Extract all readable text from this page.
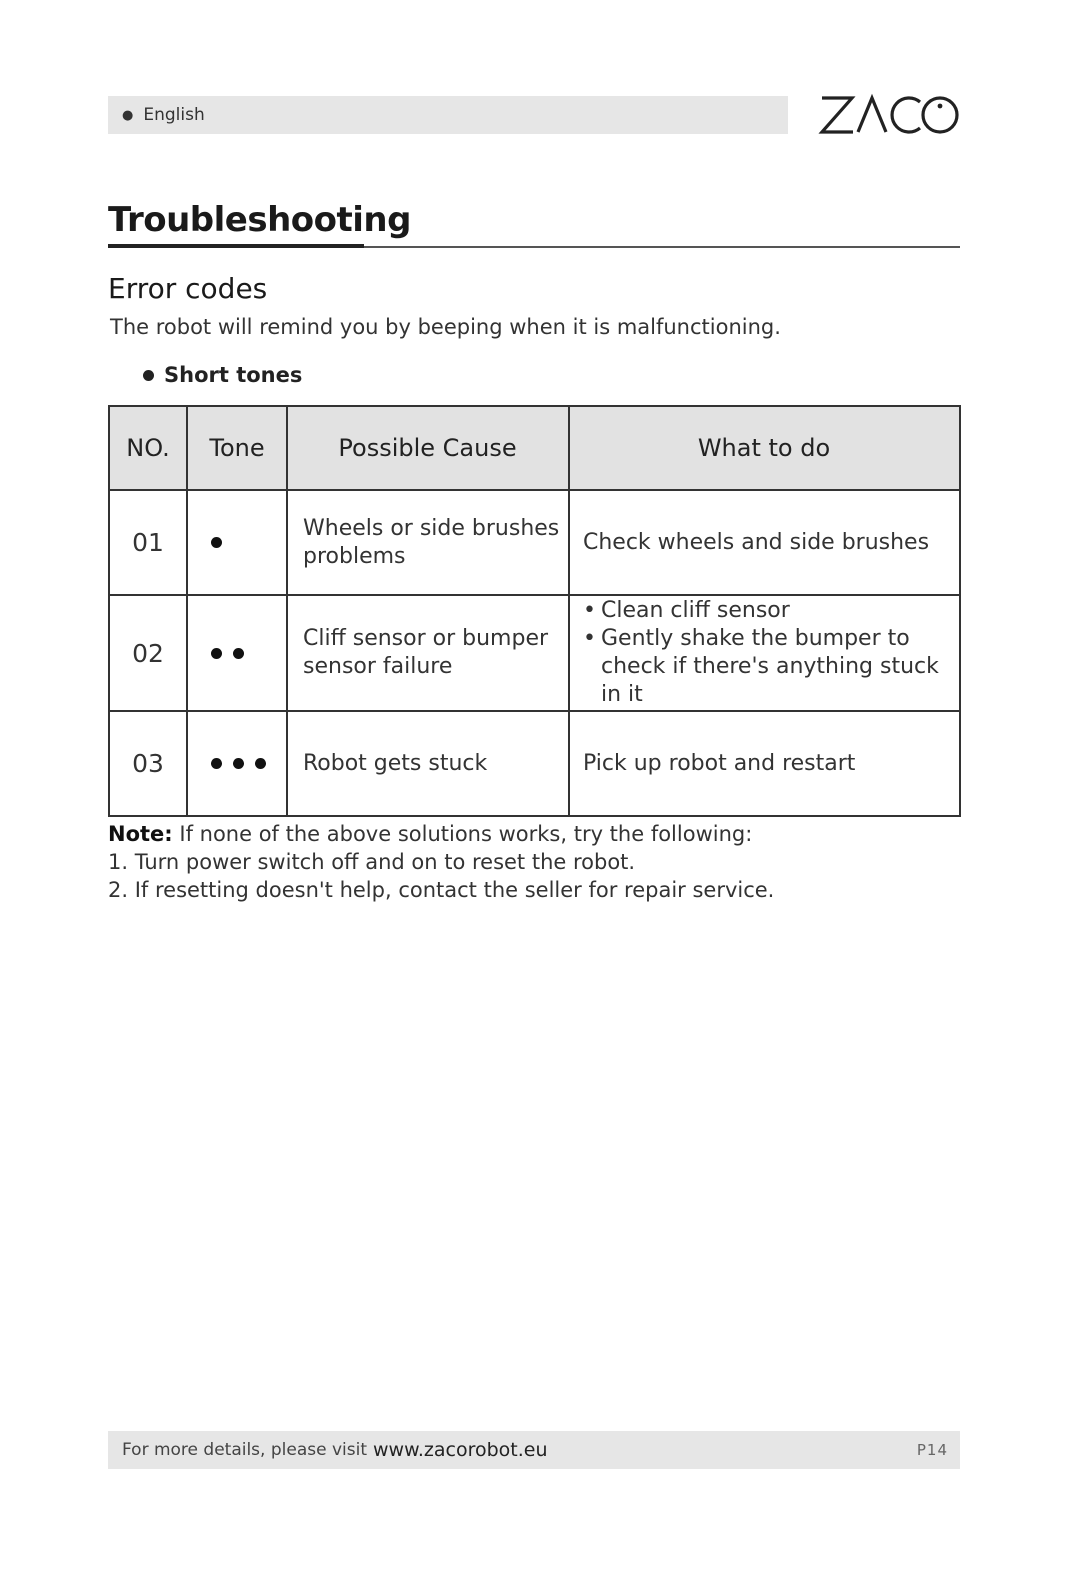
● English
Troubleshooting
Error codes
The robot will remind you by beeping when it is malfunctioning.
Short tones
NO.	Tone	Possible Cause	What to do
01		Wheels or side brushes problems	Check wheels and side brushes

02		Cliff sensor or bumper sensor failure	• Clean cliff sensor
• Gently shake the bumper to check if there's anything stuck in it

03		Robot gets stuck	Pick up robot and restart
Note: If none of the above solutions works, try the following:
1. Turn power switch off and on to reset the robot.
2. If resetting doesn't help, contact the seller for repair service.
For more details, please visit www.zacorobot.eu	P14
